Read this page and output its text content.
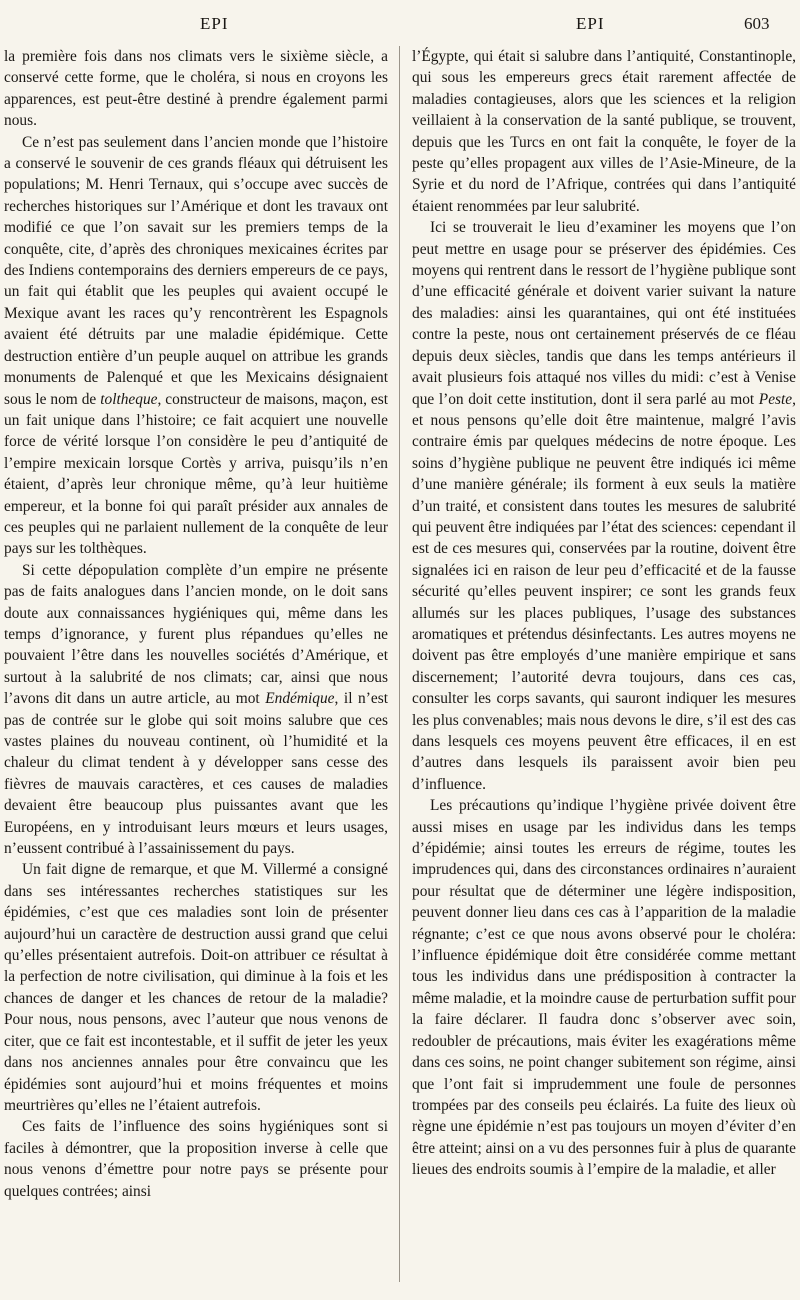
EPI	EPI	603

la première fois dans nos climats vers le sixième siècle, a conservé cette forme, que le choléra, si nous en croyons les apparences, est peut-être destiné à prendre également parmi nous.

Ce n’est pas seulement dans l’ancien monde que l’histoire a conservé le souvenir de ces grands fléaux qui détruisent les populations; M. Henri Ternaux, qui s’occupe avec succès de recherches historiques sur l’Amérique et dont les travaux ont modifié ce que l’on savait sur les premiers temps de la conquête, cite, d’après des chroniques mexicaines écrites par des Indiens contemporains des derniers empereurs de ce pays, un fait qui établit que les peuples qui avaient occupé le Mexique avant les races qu’y rencontrèrent les Espagnols avaient été détruits par une maladie épidémique. Cette destruction entière d’un peuple auquel on attribue les grands monuments de Palenqué et que les Mexicains désignaient sous le nom de toltheque, constructeur de maisons, maçon, est un fait unique dans l’histoire; ce fait acquiert une nouvelle force de vérité lorsque l’on considère le peu d’antiquité de l’empire mexicain lorsque Cortès y arriva, puisqu’ils n’en étaient, d’après leur chronique même, qu’à leur huitième empereur, et la bonne foi qui paraît présider aux annales de ces peuples qui ne parlaient nullement de la conquête de leur pays sur les tolthèques.

Si cette dépopulation complète d’un empire ne présente pas de faits analogues dans l’ancien monde, on le doit sans doute aux connaissances hygiéniques qui, même dans les temps d’ignorance, y furent plus répandues qu’elles ne pouvaient l’être dans les nouvelles sociétés d’Amérique, et surtout à la salubrité de nos climats; car, ainsi que nous l’avons dit dans un autre article, au mot Endémique, il n’est pas de contrée sur le globe qui soit moins salubre que ces vastes plaines du nouveau continent, où l’humidité et la chaleur du climat tendent à y développer sans cesse des fièvres de mauvais caractères, et ces causes de maladies devaient être beaucoup plus puissantes avant que les Européens, en y introduisant leurs mœurs et leurs usages, n’eussent contribué à l’assainissement du pays.

Un fait digne de remarque, et que M. Villermé a consigné dans ses intéressantes recherches statistiques sur les épidémies, c’est que ces maladies sont loin de présenter aujourd’hui un caractère de destruction aussi grand que celui qu’elles présentaient autrefois. Doit-on attribuer ce résultat à la perfection de notre civilisation, qui diminue à la fois et les chances de danger et les chances de retour de la maladie? Pour nous, nous pensons, avec l’auteur que nous venons de citer, que ce fait est incontestable, et il suffit de jeter les yeux dans nos anciennes annales pour être convaincu que les épidémies sont aujourd’hui et moins fréquentes et moins meurtrières qu’elles ne l’étaient autrefois.

Ces faits de l’influence des soins hygiéniques sont si faciles à démontrer, que la proposition inverse à celle que nous venons d’émettre pour notre pays se présente pour quelques contrées; ainsi

l’Égypte, qui était si salubre dans l’antiquité, Constantinople, qui sous les empereurs grecs était rarement affectée de maladies contagieuses, alors que les sciences et la religion veillaient à la conservation de la santé publique, se trouvent, depuis que les Turcs en ont fait la conquête, le foyer de la peste qu’elles propagent aux villes de l’Asie-Mineure, de la Syrie et du nord de l’Afrique, contrées qui dans l’antiquité étaient renommées par leur salubrité.

Ici se trouverait le lieu d’examiner les moyens que l’on peut mettre en usage pour se préserver des épidémies. Ces moyens qui rentrent dans le ressort de l’hygiène publique sont d’une efficacité générale et doivent varier suivant la nature des maladies: ainsi les quarantaines, qui ont été instituées contre la peste, nous ont certainement préservés de ce fléau depuis deux siècles, tandis que dans les temps antérieurs il avait plusieurs fois attaqué nos villes du midi: c’est à Venise que l’on doit cette institution, dont il sera parlé au mot Peste, et nous pensons qu’elle doit être maintenue, malgré l’avis contraire émis par quelques médecins de notre époque. Les soins d’hygiène publique ne peuvent être indiqués ici même d’une manière générale; ils forment à eux seuls la matière d’un traité, et consistent dans toutes les mesures de salubrité qui peuvent être indiquées par l’état des sciences: cependant il est de ces mesures qui, conservées par la routine, doivent être signalées ici en raison de leur peu d’efficacité et de la fausse sécurité qu’elles peuvent inspirer; ce sont les grands feux allumés sur les places publiques, l’usage des substances aromatiques et prétendus désinfectants. Les autres moyens ne doivent pas être employés d’une manière empirique et sans discernement; l’autorité devra toujours, dans ces cas, consulter les corps savants, qui sauront indiquer les mesures les plus convenables; mais nous devons le dire, s’il est des cas dans lesquels ces moyens peuvent être efficaces, il en est d’autres dans lesquels ils paraissent avoir bien peu d’influence.

Les précautions qu’indique l’hygiène privée doivent être aussi mises en usage par les individus dans les temps d’épidémie; ainsi toutes les erreurs de régime, toutes les imprudences qui, dans des circonstances ordinaires n’auraient pour résultat que de déterminer une légère indisposition, peuvent donner lieu dans ces cas à l’apparition de la maladie régnante; c’est ce que nous avons observé pour le choléra: l’influence épidémique doit être considérée comme mettant tous les individus dans une prédisposition à contracter la même maladie, et la moindre cause de perturbation suffit pour la faire déclarer. Il faudra donc s’observer avec soin, redoubler de précautions, mais éviter les exagérations même dans ces soins, ne point changer subitement son régime, ainsi que l’ont fait si imprudemment une foule de personnes trompées par des conseils peu éclairés. La fuite des lieux où règne une épidémie n’est pas toujours un moyen d’éviter d’en être atteint; ainsi on a vu des personnes fuir à plus de quarante lieues des endroits soumis à l’empire de la maladie, et aller
